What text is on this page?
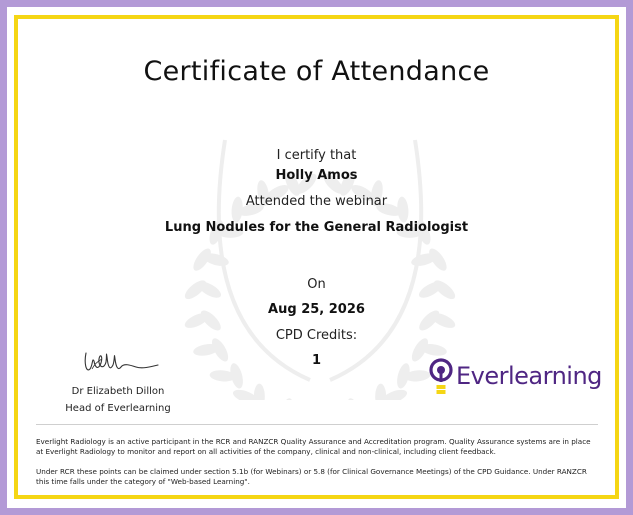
Certificate of Attendance
I certify that
Holly Amos
Attended the webinar
Lung Nodules for the General Radiologist
On
Aug 25, 2026
CPD Credits:
1
Dr Elizabeth Dillon
Head of Everlearning
Everlearning
Everlight Radiology is an active participant in the RCR and RANZCR Quality Assurance and Accreditation program. Quality Assurance systems are in place at Everlight Radiology to monitor and report on all activities of the company, clinical and non-clinical, including client feedback.
Under RCR these points can be claimed under section 5.1b (for Webinars) or 5.8 (for Clinical Governance Meetings) of the CPD Guidance. Under RANZCR this time falls under the category of "Web-based Learning".
